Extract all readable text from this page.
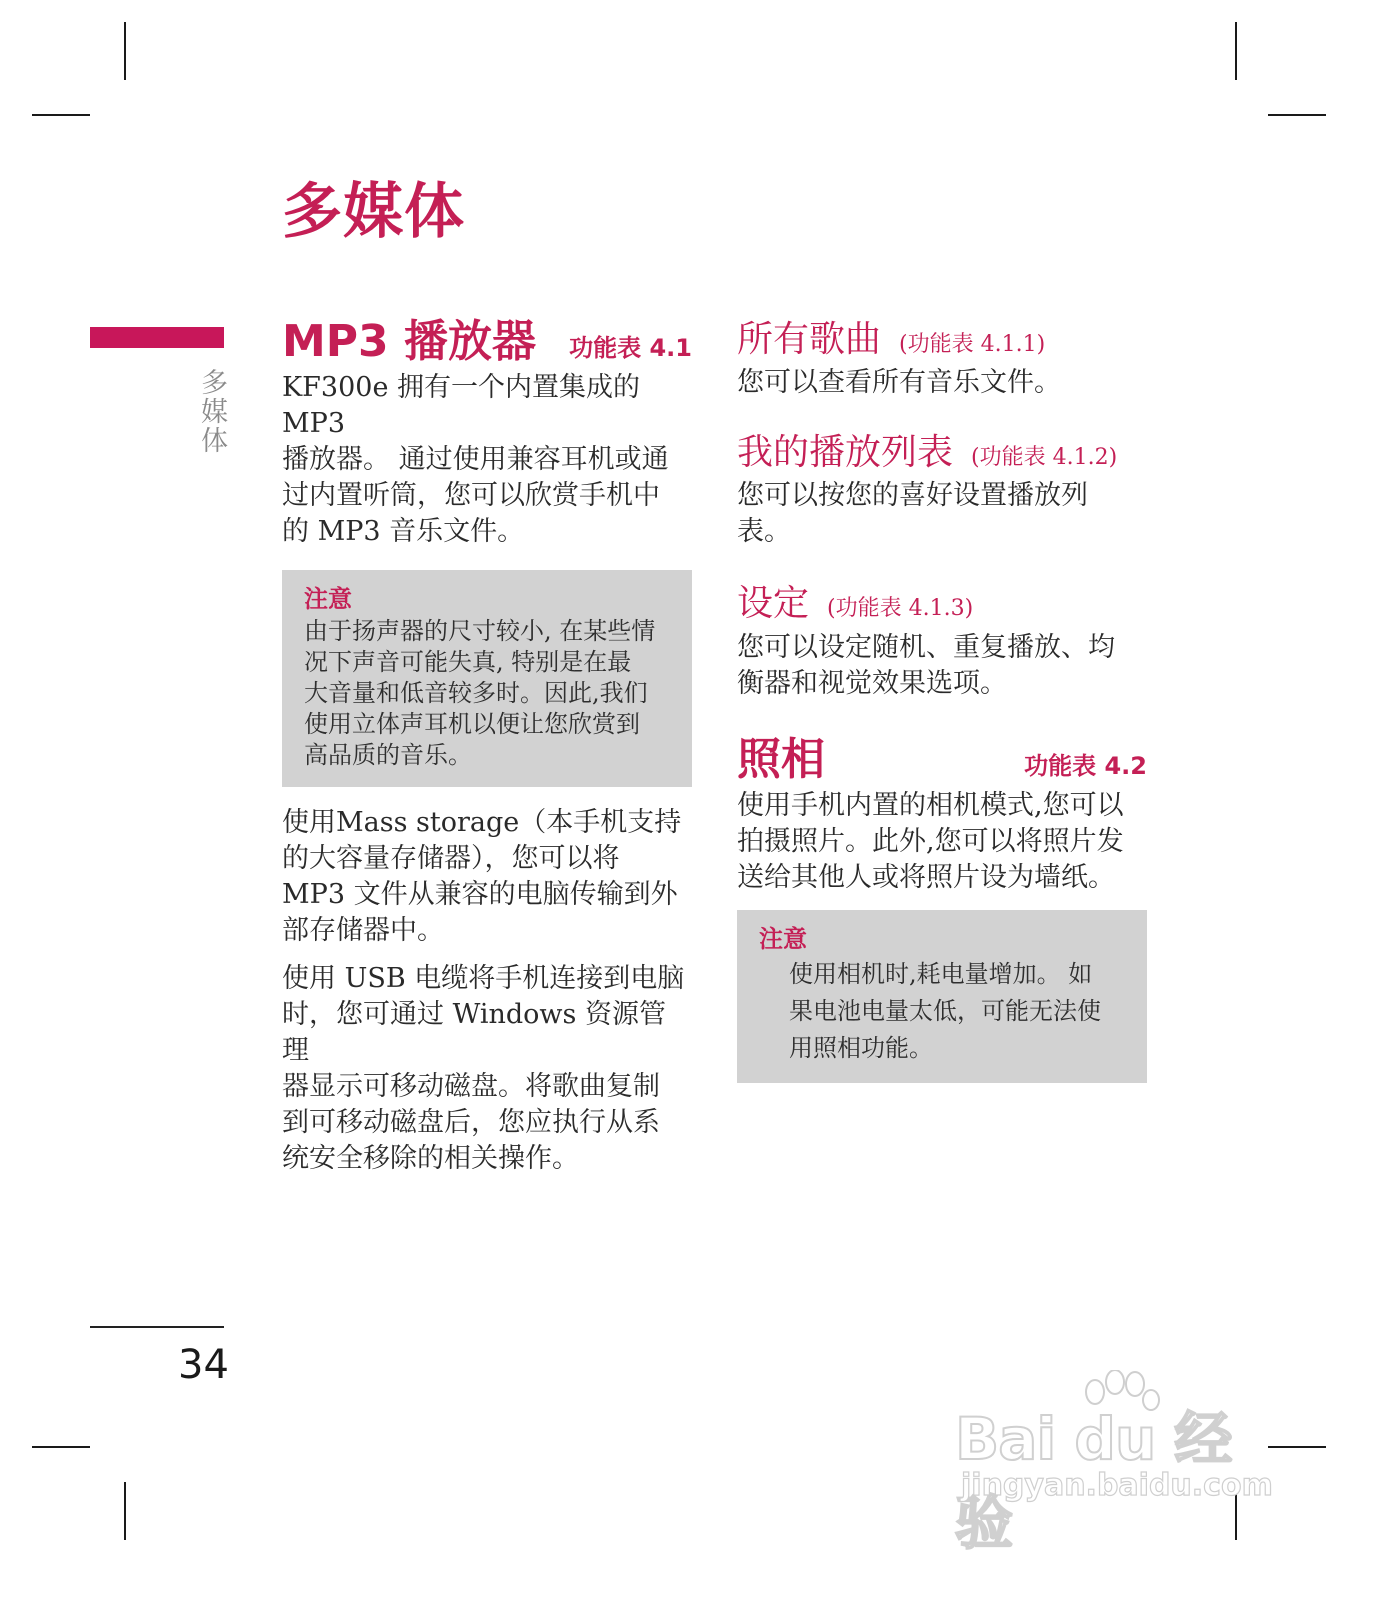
多媒体
多媒体
MP3 播放器 功能表 4.1

KF300e 拥有一个内置集成的 MP3
播放器。 通过使用兼容耳机或通
过内置听筒，您可以欣赏手机中
的 MP3 音乐文件。

注意

由于扬声器的尺寸较小, 在某些情
况下声音可能失真, 特别是在最
大音量和低音较多时。因此,我们
使用立体声耳机以便让您欣赏到
高品质的音乐。

使用Mass storage（本手机支持
的大容量存储器），您可以将
MP3 文件从兼容的电脑传输到外
部存储器中。

使用 USB 电缆将手机连接到电脑
时，您可通过 Windows 资源管理
器显示可移动磁盘。将歌曲复制
到可移动磁盘后，您应执行从系
统安全移除的相关操作。

所有歌曲 (功能表 4.1.1)

您可以查看所有音乐文件。

我的播放列表 (功能表 4.1.2)

您可以按您的喜好设置播放列
表。

设定 (功能表 4.1.3)

您可以设定随机、重复播放、均
衡器和视觉效果选项。

照相	功能表 4.2

使用手机内置的相机模式,您可以
拍摄照片。此外,您可以将照片发
送给其他人或将照片设为墙纸。

注意

使用相机时,耗电量增加。 如
果电池电量太低，可能无法使
用照相功能。

34
Bai du 经验
jingyan.baidu.com
